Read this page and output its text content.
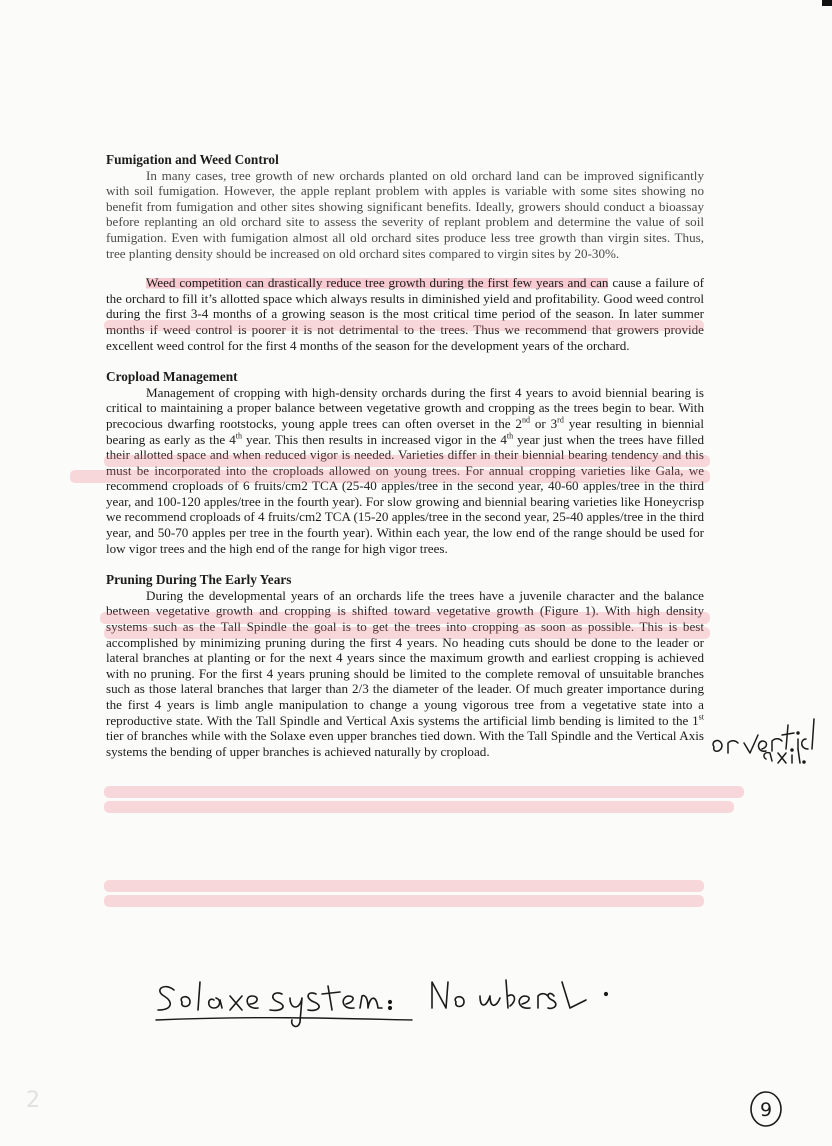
Fumigation and Weed Control

In many cases, tree growth of new orchards planted on old orchard land can be improved significantly with soil fumigation. However, the apple replant problem with apples is variable with some sites showing no benefit from fumigation and other sites showing significant benefits. Ideally, growers should conduct a bioassay before replanting an old orchard site to assess the severity of replant problem and determine the value of soil fumigation. Even with fumigation almost all old orchard sites produce less tree growth than virgin sites. Thus, tree planting density should be increased on old orchard sites compared to virgin sites by 20-30%.

Weed competition can drastically reduce tree growth during the first few years and can cause a failure of the orchard to fill it’s allotted space which always results in diminished yield and profitability. Good weed control during the first 3-4 months of a growing season is the most critical time period of the season. In later summer months if weed control is poorer it is not detrimental to the trees. Thus we recommend that growers provide excellent weed control for the first 4 months of the season for the development years of the orchard.

Cropload Management

Management of cropping with high-density orchards during the first 4 years to avoid biennial bearing is critical to maintaining a proper balance between vegetative growth and cropping as the trees begin to bear. With precocious dwarfing rootstocks, young apple trees can often overset in the 2nd or 3rd year resulting in biennial bearing as early as the 4th year. This then results in increased vigor in the 4th year just when the trees have filled their allotted space and when reduced vigor is needed. Varieties differ in their biennial bearing tendency and this must be incorporated into the croploads allowed on young trees. For annual cropping varieties like Gala, we recommend croploads of 6 fruits/cm2 TCA (25-40 apples/tree in the second year, 40-60 apples/tree in the third year, and 100-120 apples/tree in the fourth year). For slow growing and biennial bearing varieties like Honeycrisp we recommend croploads of 4 fruits/cm2 TCA (15-20 apples/tree in the second year, 25-40 apples/tree in the third year, and 50-70 apples per tree in the fourth year). Within each year, the low end of the range should be used for low vigor trees and the high end of the range for high vigor trees.

Pruning During The Early Years

During the developmental years of an orchards life the trees have a juvenile character and the balance between vegetative growth and cropping is shifted toward vegetative growth (Figure 1). With high density systems such as the Tall Spindle the goal is to get the trees into cropping as soon as possible. This is best accomplished by minimizing pruning during the first 4 years. No heading cuts should be done to the leader or lateral branches at planting or for the next 4 years since the maximum growth and earliest cropping is achieved with no pruning. For the first 4 years pruning should be limited to the complete removal of unsuitable branches such as those lateral branches that larger than 2/3 the diameter of the leader. Of much greater importance during the first 4 years is limb angle manipulation to change a young vigorous tree from a vegetative state into a reproductive state. With the Tall Spindle and Vertical Axis systems the artificial limb bending is limited to the 1st tier of branches while with the Solaxe even upper branches tied down. With the Tall Spindle and the Vertical Axis systems the bending of upper branches is achieved naturally by cropload.

9
2
